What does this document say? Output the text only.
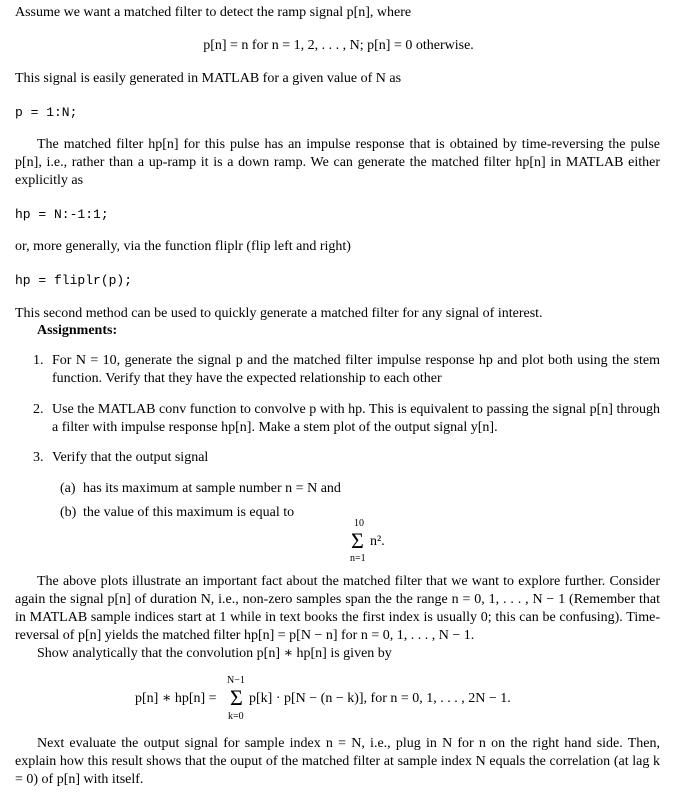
Assume we want a matched filter to detect the ramp signal p[n], where
p[n] = n for n = 1, 2, . . . , N; p[n] = 0 otherwise.
This signal is easily generated in MATLAB for a given value of N as
p = 1:N;
The matched filter hp[n] for this pulse has an impulse response that is obtained by time-reversing the pulse p[n], i.e., rather than a up-ramp it is a down ramp. We can generate the matched filter hp[n] in MATLAB either explicitly as
hp = N:-1:1;
or, more generally, via the function fliplr (flip left and right)
hp = fliplr(p);
This second method can be used to quickly generate a matched filter for any signal of interest.
Assignments:
1. For N = 10, generate the signal p and the matched filter impulse response hp and plot both using the stem function. Verify that they have the expected relationship to each other
2. Use the MATLAB conv function to convolve p with hp. This is equivalent to passing the signal p[n] through a filter with impulse response hp[n]. Make a stem plot of the output signal y[n].
3. Verify that the output signal
(a) has its maximum at sample number n = N and
(b) the value of this maximum is equal to
10
Σ n².
n=1
The above plots illustrate an important fact about the matched filter that we want to explore further. Consider again the signal p[n] of duration N, i.e., non-zero samples span the the range n = 0, 1, . . . , N − 1 (Remember that in MATLAB sample indices start at 1 while in text books the first index is usually 0; this can be confusing). Time-reversal of p[n] yields the matched filter hp[n] = p[N − n] for n = 0, 1, . . . , N − 1.
Show analytically that the convolution p[n] ∗ hp[n] is given by
p[n] ∗ hp[n] =
N−1
Σ
k=0
p[k] · p[N − (n − k)], for n = 0, 1, . . . , 2N − 1.
Next evaluate the output signal for sample index n = N, i.e., plug in N for n on the right hand side. Then, explain how this result shows that the ouput of the matched filter at sample index N equals the correlation (at lag k = 0) of p[n] with itself.
